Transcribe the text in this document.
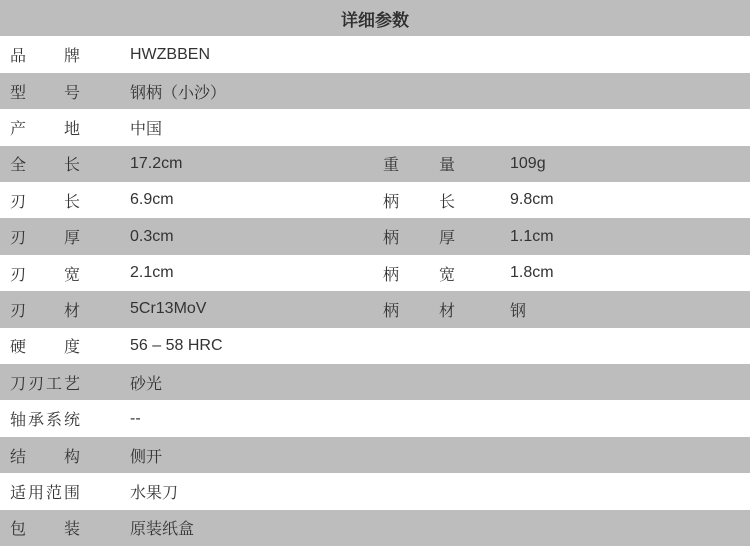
详细参数
品牌	HWZBBEN
型号	钢柄（小沙）
产地	中国
全长	17.2cm	重量	109g
刃长	6.9cm	柄长	9.8cm
刃厚	0.3cm	柄厚	1.1cm
刃宽	2.1cm	柄宽	1.8cm
刃材	5Cr13MoV	柄材	钢
硬度	56 – 58 HRC
刀刃工艺	砂光
轴承系统	--
结构	侧开
适用范围	水果刀
包装	原装纸盒
